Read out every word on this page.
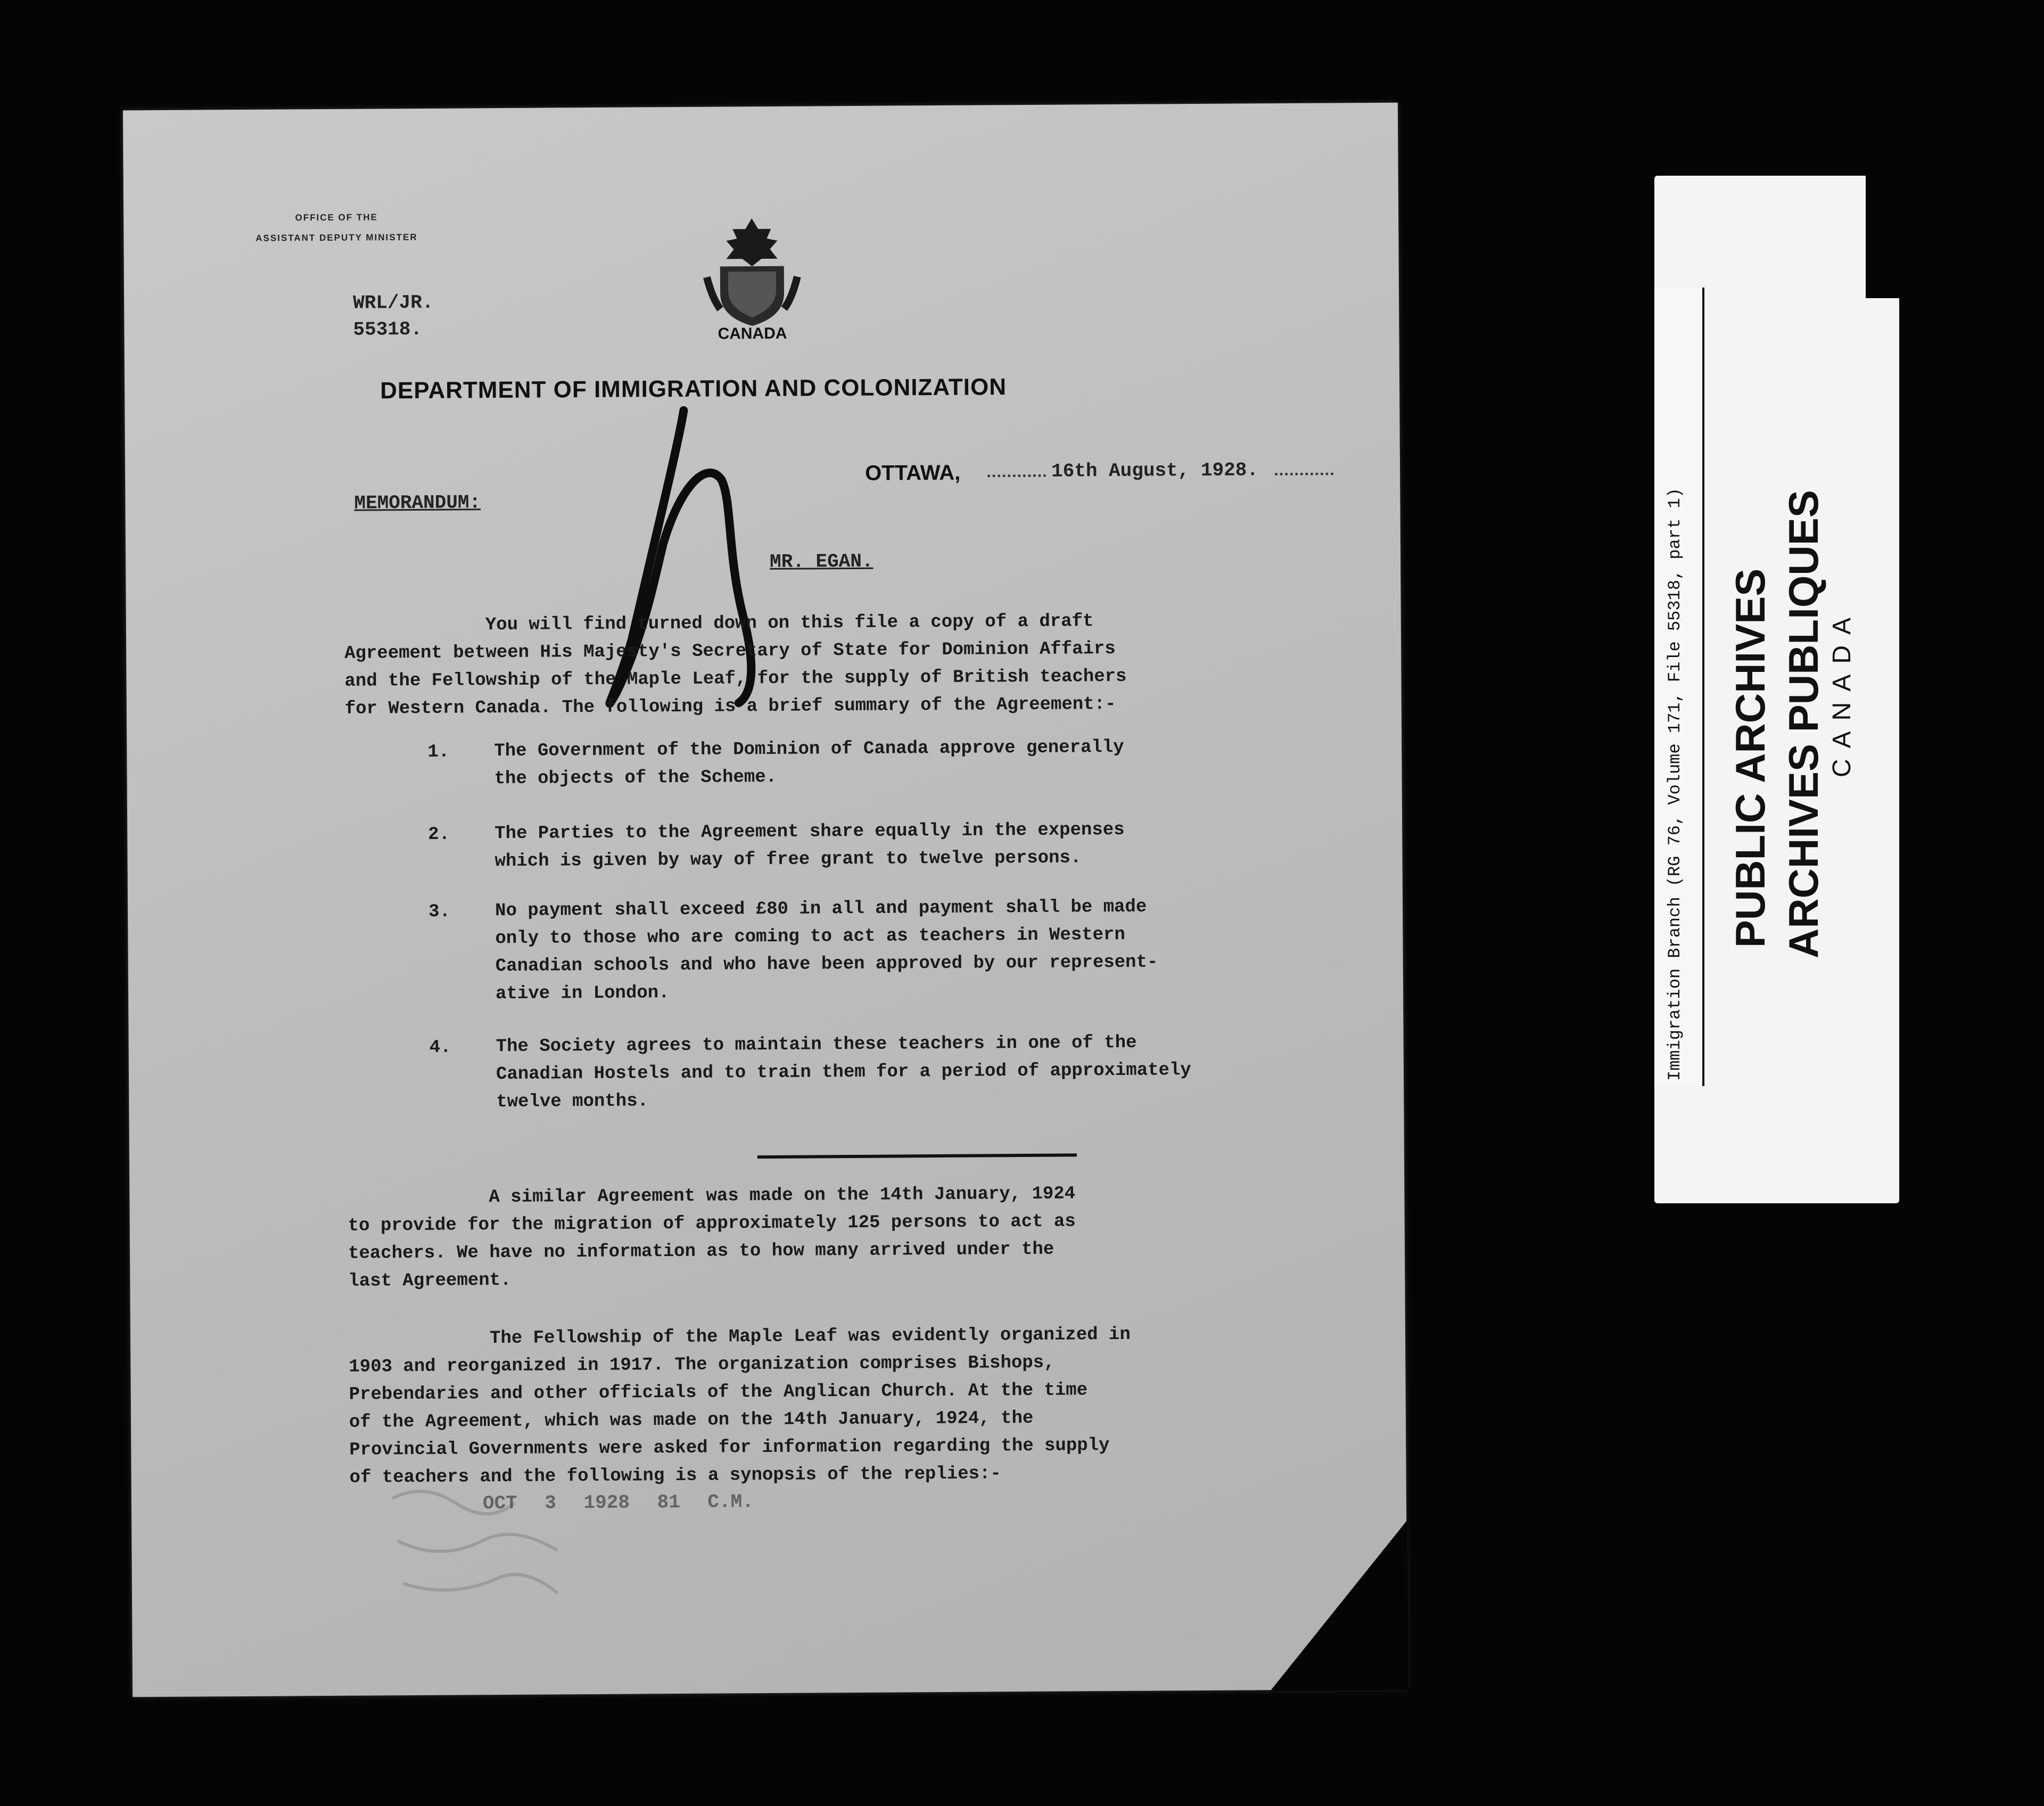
OFFICE OF THE
ASSISTANT DEPUTY MINISTER
WRL/JR.
55318.	CANADA
DEPARTMENT OF IMMIGRATION AND COLONIZATION
OTTAWA,	16th August, 1928.
MEMORANDUM:
MR. EGAN.
You will find turned down on this file a copy of a draft
Agreement between His Majesty's Secretary of State for Dominion Affairs
and the Fellowship of the Maple Leaf, for the supply of British teachers
for Western Canada. The following is a brief summary of the Agreement:-
1. The Government of the Dominion of Canada approve generally
the objects of the Scheme.
2. The Parties to the Agreement share equally in the expenses
which is given by way of free grant to twelve persons.
3. No payment shall exceed £80 in all and payment shall be made
only to those who are coming to act as teachers in Western
Canadian schools and who have been approved by our represent-
ative in London.
4. The Society agrees to maintain these teachers in one of the
Canadian Hostels and to train them for a period of approximately
twelve months.
A similar Agreement was made on the 14th January, 1924
to provide for the migration of approximately 125 persons to act as
teachers. We have no information as to how many arrived under the
last Agreement.
The Fellowship of the Maple Leaf was evidently organized in
1903 and reorganized in 1917. The organization comprises Bishops,
Prebendaries and other officials of the Anglican Church. At the time
of the Agreement, which was made on the 14th January, 1924, the
Provincial Governments were asked for information regarding the supply
of teachers and the following is a synopsis of the replies:-
OCT 3 1928 81 C.M.
Immigration Branch (RG 76, Volume 171, File 55318, part 1) PUBLIC ARCHIVES ARCHIVES PUBLIQUES CANADA
